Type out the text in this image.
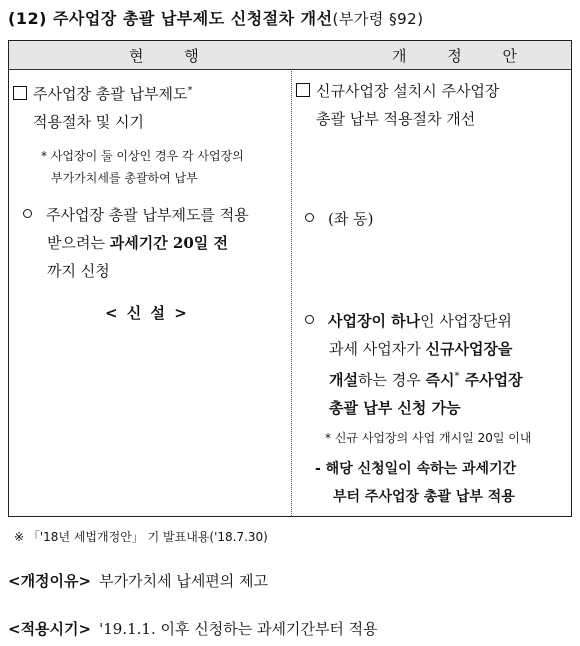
(12) 주사업장 총괄 납부제도 신청절차 개선(부가령 §92)
현 행	개 정 안
주사업장 총괄 납부제도*
적용절차 및 시기
* 사업장이 둘 이상인 경우 각 사업장의
부가가치세를 총괄하여 납부
주사업장 총괄 납부제도를 적용
받으려는 과세기간 20일 전
까지 신청
< 신 설 >
신규사업장 설치시 주사업장
총괄 납부 적용절차 개선
(좌 동)
사업장이 하나인 사업장단위
과세 사업자가 신규사업장을
개설하는 경우 즉시* 주사업장
총괄 납부 신청 가능
* 신규 사업장의 사업 개시일 20일 이내
- 해당 신청일이 속하는 과세기간
부터 주사업장 총괄 납부 적용
※ 「'18년 세법개정안」 기 발표내용('18.7.30)
<개정이유> 부가가치세 납세편의 제고
<적용시기> '19.1.1. 이후 신청하는 과세기간부터 적용
